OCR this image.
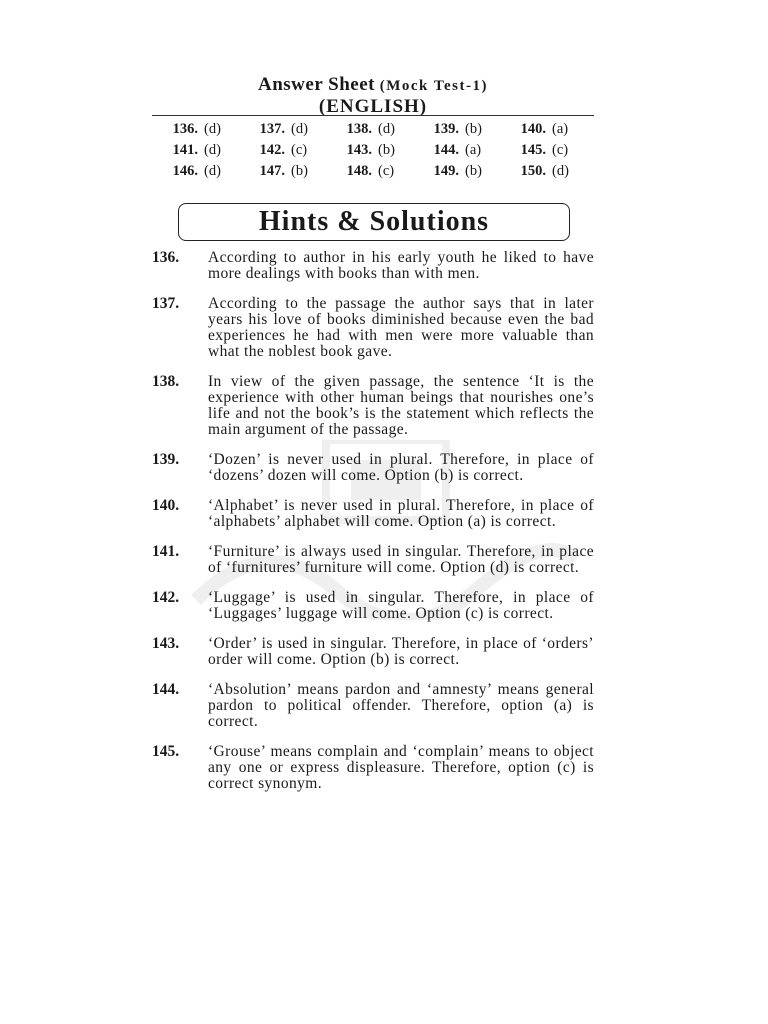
Answer Sheet (Mock Test-1)
(ENGLISH)
136. (d)	137. (d)	138. (d)	139. (b)	140. (a)
141. (d)	142. (c)	143. (b)	144. (a)	145. (c)
146. (d)	147. (b)	148. (c)	149. (b)	150. (d)
Hints & Solutions
136.	According to author in his early youth he liked to have more dealings with books than with men.
137.	According to the passage the author says that in later years his love of books diminished because even the bad experiences he had with men were more valuable than what the noblest book gave.
138.	In view of the given passage, the sentence ‘It is the experience with other human beings that nourishes one’s life and not the book’s is the statement which reflects the main argument of the passage.
139.	‘Dozen’ is never used in plural. Therefore, in place of ‘dozens’ dozen will come. Option (b) is correct.
140.	‘Alphabet’ is never used in plural. Therefore, in place of ‘alphabets’ alphabet will come. Option (a) is correct.
141.	‘Furniture’ is always used in singular. Therefore, in place of ‘furnitures’ furniture will come. Option (d) is correct.
142.	‘Luggage’ is used in singular. Therefore, in place of ‘Luggages’ luggage will come. Option (c) is correct.
143.	‘Order’ is used in singular. Therefore, in place of ‘orders’ order will come. Option (b) is correct.
144.	‘Absolution’ means pardon and ‘amnesty’ means general pardon to political offender. Therefore, option (a) is correct.
145.	‘Grouse’ means complain and ‘complain’ means to object any one or express displeasure. Therefore, option (c) is correct synonym.
